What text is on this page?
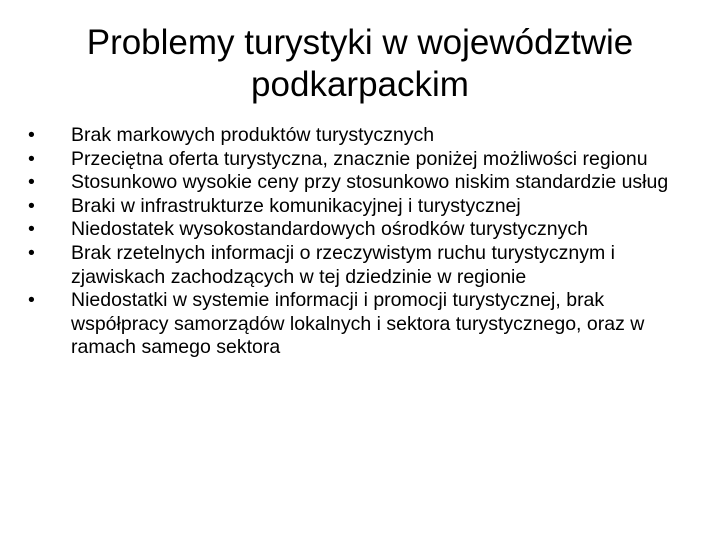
Problemy turystyki w województwie podkarpackim
•	Brak markowych produktów turystycznych
•	Przeciętna oferta turystyczna, znacznie poniżej możliwości regionu
•	Stosunkowo wysokie ceny przy stosunkowo niskim standardzie usług
•	Braki w infrastrukturze komunikacyjnej i turystycznej
•	Niedostatek wysokostandardowych ośrodków turystycznych
•	Brak rzetelnych informacji o rzeczywistym ruchu turystycznym i zjawiskach zachodzących w tej dziedzinie w regionie
•	Niedostatki w systemie informacji i promocji turystycznej, brak współpracy samorządów lokalnych i sektora turystycznego, oraz w ramach samego sektora
